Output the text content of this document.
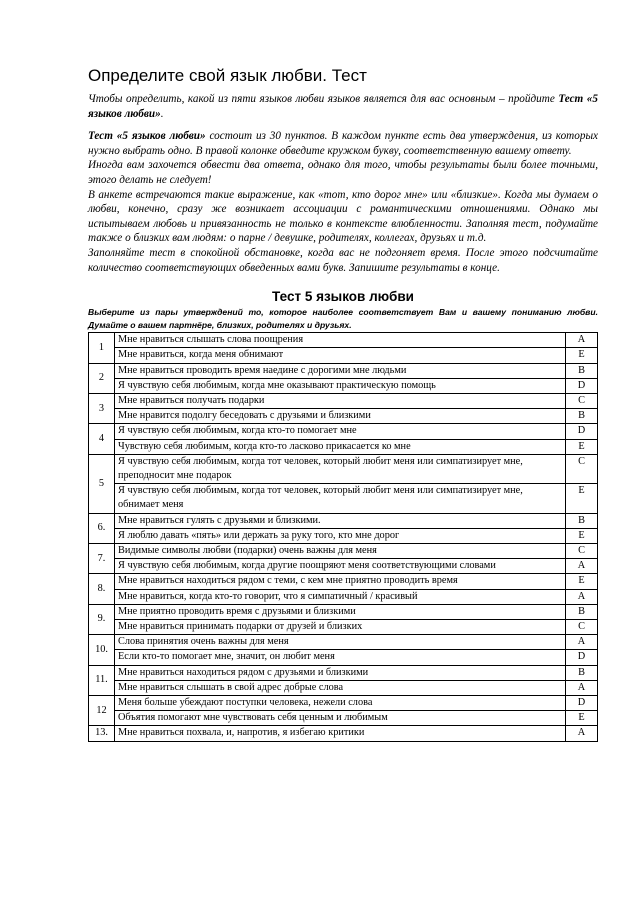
Определите свой язык любви. Тест

Чтобы определить, какой из пяти языков любви языков является для вас основным – пройдите Тест «5 языков любви».

Тест «5 языков любви» состоит из 30 пунктов. В каждом пункте есть два утверждения, из которых нужно выбрать одно. В правой колонке обведите кружком букву, соответственную вашему ответу.

Иногда вам захочется обвести два ответа, однако для того, чтобы результаты были более точными, этого делать не следует!

В анкете встречаются такие выражение, как «тот, кто дорог мне» или «близкие». Когда мы думаем о любви, конечно, сразу же возникает ассоциации с романтическими отношениями. Однако мы испытываем любовь и привязанность не только в контексте влюбленности. Заполняя тест, подумайте также о близких вам людям: о парне / девушке, родителях, коллегах, друзьях и т.д.

Заполняйте тест в спокойной обстановке, когда вас не подгоняет время. После этого подсчитайте количество соответствующих обведенных вами букв. Запишите результаты в конце.

Тест 5 языков любви
Выберите из пары утверждений то, которое наиболее соответствует Вам и вашему пониманию любви. Думайте о вашем партнёре, близких, родителях и друзьях.
1	Мне нравиться слышать слова поощрения	A
	Мне нравиться, когда меня обнимают	E
2	Мне нравиться проводить время наедине с дорогими мне людьми	B
	Я чувствую себя любимым, когда мне оказывают практическую помощь	D
3	Мне нравиться получать подарки	C
	Мне нравится подолгу беседовать с друзьями и близкими	B
4	Я чувствую себя любимым, когда кто-то помогает мне	D
	Чувствую себя любимым, когда кто-то ласково прикасается ко мне	E
5	Я чувствую себя любимым, когда тот человек, который любит меня или симпатизирует мне, преподносит мне подарок	C
	Я чувствую себя любимым, когда тот человек, который любит меня или симпатизирует мне, обнимает меня	E
6.	Мне нравиться гулять с друзьями и близкими.	B
	Я люблю давать «пять» или держать за руку того, кто мне дорог	E
7.	Видимые символы любви (подарки) очень важны для меня	C
	Я чувствую себя любимым, когда другие поощряют меня соответствующими словами	A
8.	Мне нравиться находиться рядом с теми, с кем мне приятно проводить время	E
	Мне нравиться, когда кто-то говорит, что я симпатичный / красивый	A
9.	Мне приятно проводить время с друзьями и близкими	B
	Мне нравиться принимать подарки от друзей и близких	C
10.	Слова принятия очень важны для меня	A
	Если кто-то помогает мне, значит, он любит меня	D
11.	Мне нравиться находиться рядом с друзьями и близкими	B
	Мне нравиться слышать в свой адрес добрые слова	A
12	Меня больше убеждают поступки человека, нежели слова	D
	Объятия помогают мне чувствовать себя ценным и любимым	E
13.	Мне нравиться похвала, и, напротив, я избегаю критики	A
